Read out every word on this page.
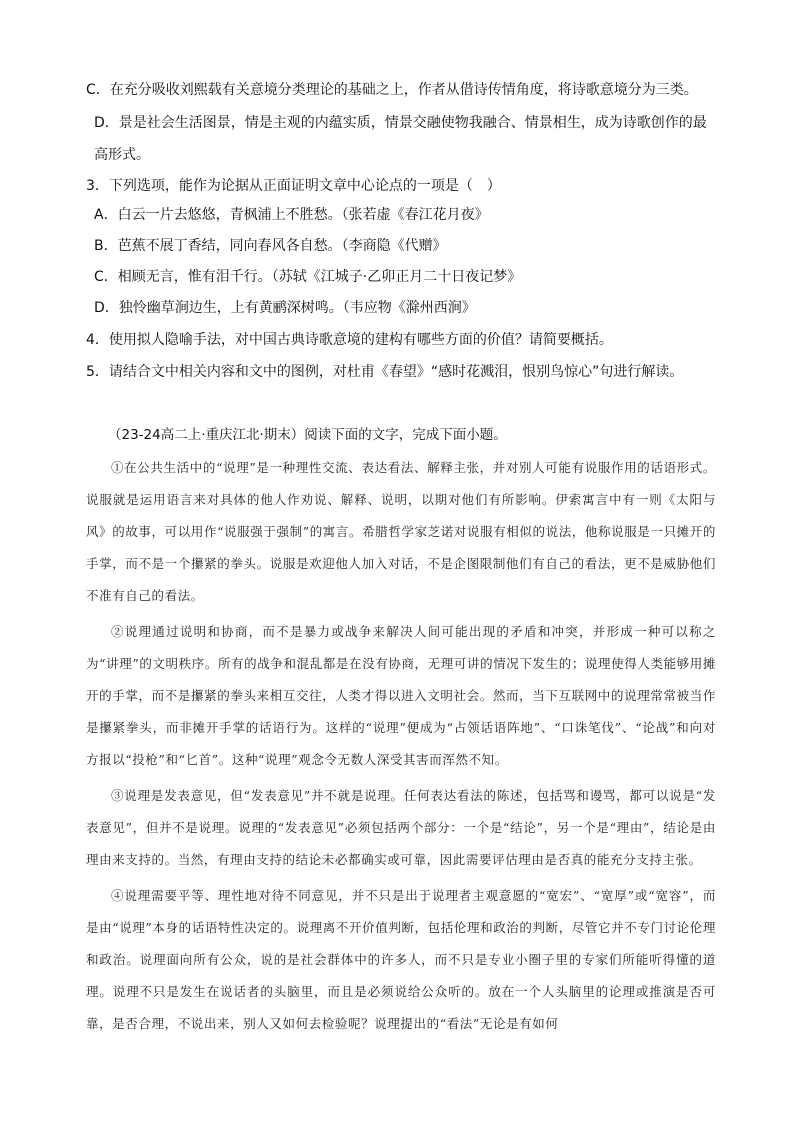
C．在充分吸收刘熙载有关意境分类理论的基础之上，作者从借诗传情角度，将诗歌意境分为三类。
D．景是社会生活图景，情是主观的内蕴实质，情景交融使物我融合、情景相生，成为诗歌创作的最高形式。
3．下列选项，能作为论据从正面证明文章中心论点的一项是（　）
A．白云一片去悠悠，青枫浦上不胜愁。（张若虚《春江花月夜》
B．芭蕉不展丁香结，同向春风各自愁。（李商隐《代赠》
C．相顾无言，惟有泪千行。（苏轼《江城子·乙卯正月二十日夜记梦》
D．独怜幽草涧边生，上有黄鹂深树鸣。（韦应物《滁州西涧》
4．使用拟人隐喻手法，对中国古典诗歌意境的建构有哪些方面的价值？请简要概括。
5．请结合文中相关内容和文中的图例，对杜甫《春望》“感时花溅泪，恨别鸟惊心”句进行解读。
（23-24高二上·重庆江北·期末）阅读下面的文字，完成下面小题。

①在公共生活中的“说理”是一种理性交流、表达看法、解释主张，并对别人可能有说服作用的话语形式。说服就是运用语言来对具体的他人作劝说、解释、说明，以期对他们有所影响。伊索寓言中有一则《太阳与风》的故事，可以用作“说服强于强制”的寓言。希腊哲学家芝诺对说服有相似的说法，他称说服是一只摊开的手掌，而不是一个攥紧的拳头。说服是欢迎他人加入对话，不是企图限制他们有自己的看法，更不是威胁他们不准有自己的看法。

②说理通过说明和协商，而不是暴力或战争来解决人间可能出现的矛盾和冲突，并形成一种可以称之为“讲理”的文明秩序。所有的战争和混乱都是在没有协商，无理可讲的情况下发生的；说理使得人类能够用摊开的手掌，而不是攥紧的拳头来相互交往，人类才得以进入文明社会。然而，当下互联网中的说理常常被当作是攥紧拳头，而非摊开手掌的话语行为。这样的“说理”便成为“占领话语阵地”、“口诛笔伐”、“论战”和向对方报以“投枪”和“匕首”。这种“说理”观念令无数人深受其害而浑然不知。

③说理是发表意见，但“发表意见”并不就是说理。任何表达看法的陈述，包括骂和谩骂，都可以说是“发表意见”，但并不是说理。说理的“发表意见”必须包括两个部分：一个是“结论”，另一个是“理由”，结论是由理由来支持的。当然，有理由支持的结论未必都确实或可靠，因此需要评估理由是否真的能充分支持主张。

④说理需要平等、理性地对待不同意见，并不只是出于说理者主观意愿的“宽宏”、“宽厚”或“宽容”，而是由“说理”本身的话语特性决定的。说理离不开价值判断，包括伦理和政治的判断，尽管它并不专门讨论伦理和政治。说理面向所有公众，说的是社会群体中的许多人，而不只是专业小圈子里的专家们所能听得懂的道理。说理不只是发生在说话者的头脑里，而且是必须说给公众听的。放在一个人头脑里的论理或推演是否可靠，是否合理，不说出来，别人又如何去检验呢？说理提出的“看法”无论是有如何
